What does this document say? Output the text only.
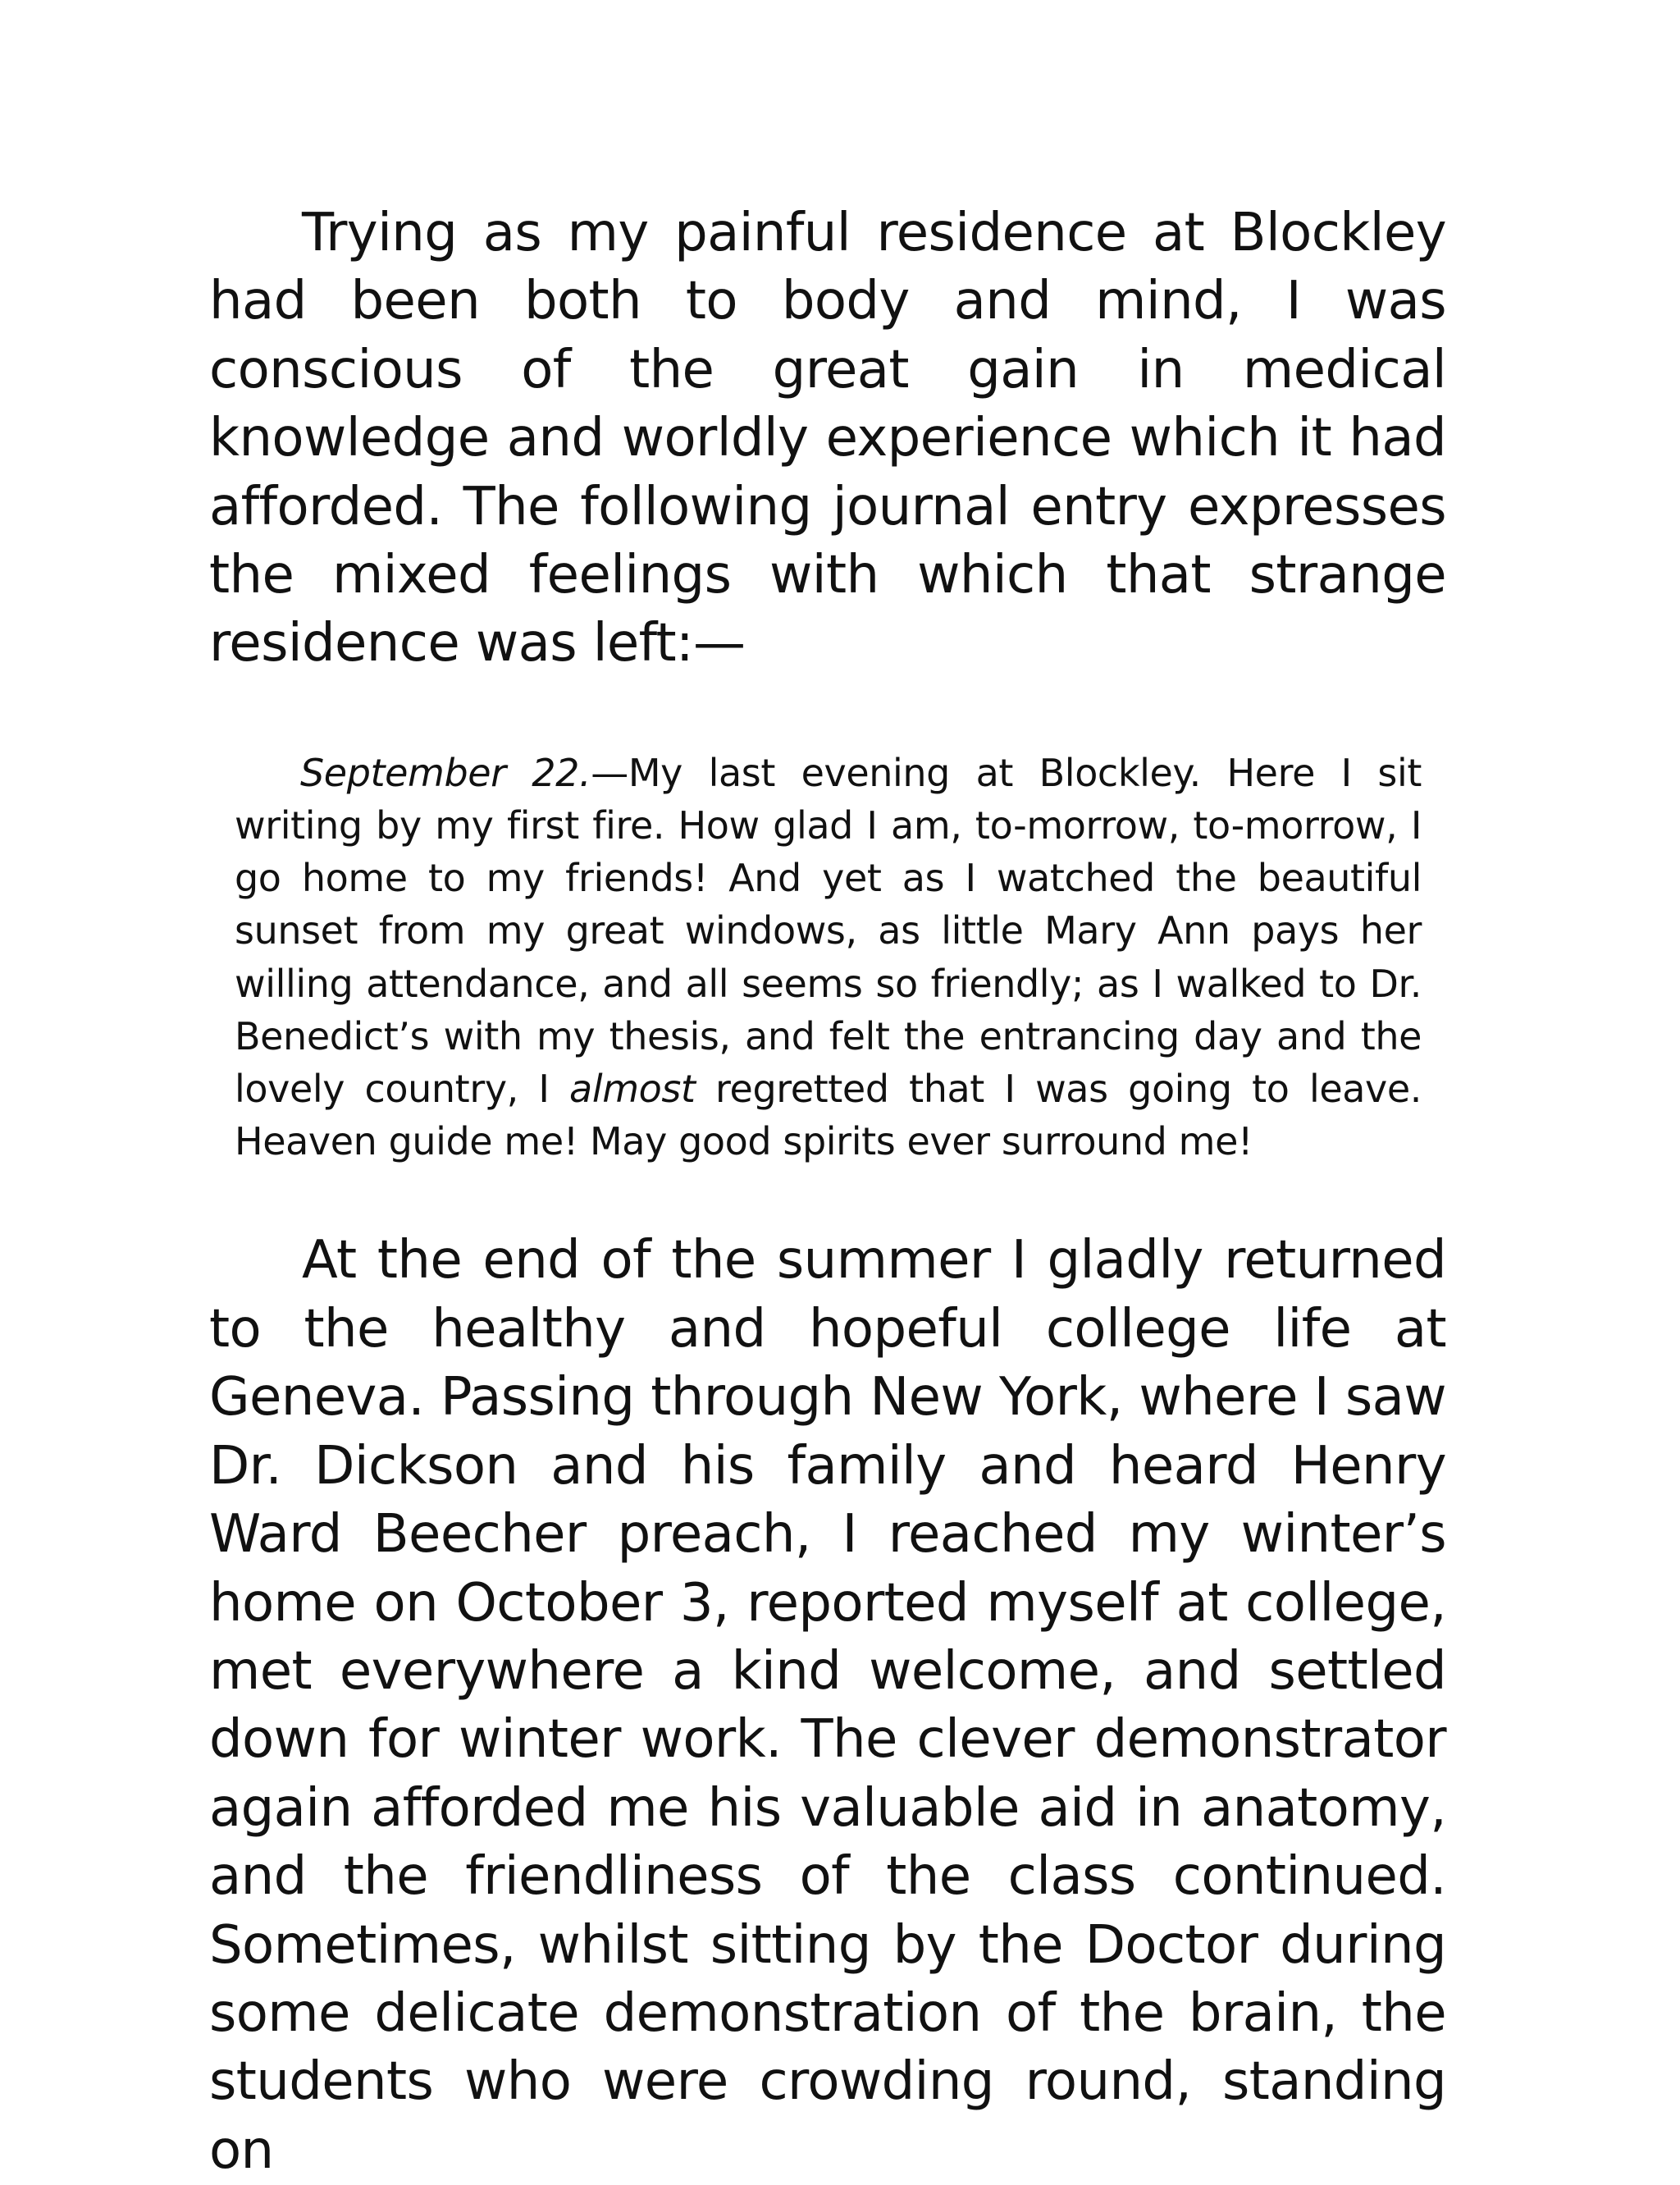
Trying as my painful residence at Blockley had been both to body and mind, I was conscious of the great gain in medical knowledge and worldly experience which it had afforded. The following journal entry expresses the mixed feelings with which that strange residence was left:—

September 22.—My last evening at Blockley. Here I sit writing by my first fire. How glad I am, to-morrow, to-morrow, I go home to my friends! And yet as I watched the beautiful sunset from my great windows, as little Mary Ann pays her willing attendance, and all seems so friendly; as I walked to Dr. Benedict’s with my thesis, and felt the entrancing day and the lovely country, I almost regretted that I was going to leave. Heaven guide me! May good spirits ever surround me!

At the end of the summer I gladly returned to the healthy and hopeful college life at Geneva. Passing through New York, where I saw Dr. Dickson and his family and heard Henry Ward Beecher preach, I reached my winter’s home on October 3, reported myself at college, met everywhere a kind welcome, and settled down for winter work. The clever demonstrator again afforded me his valuable aid in anatomy, and the friendliness of the class continued. Sometimes, whilst sitting by the Doctor during some delicate demonstration of the brain, the students who were crowding round, standing on
